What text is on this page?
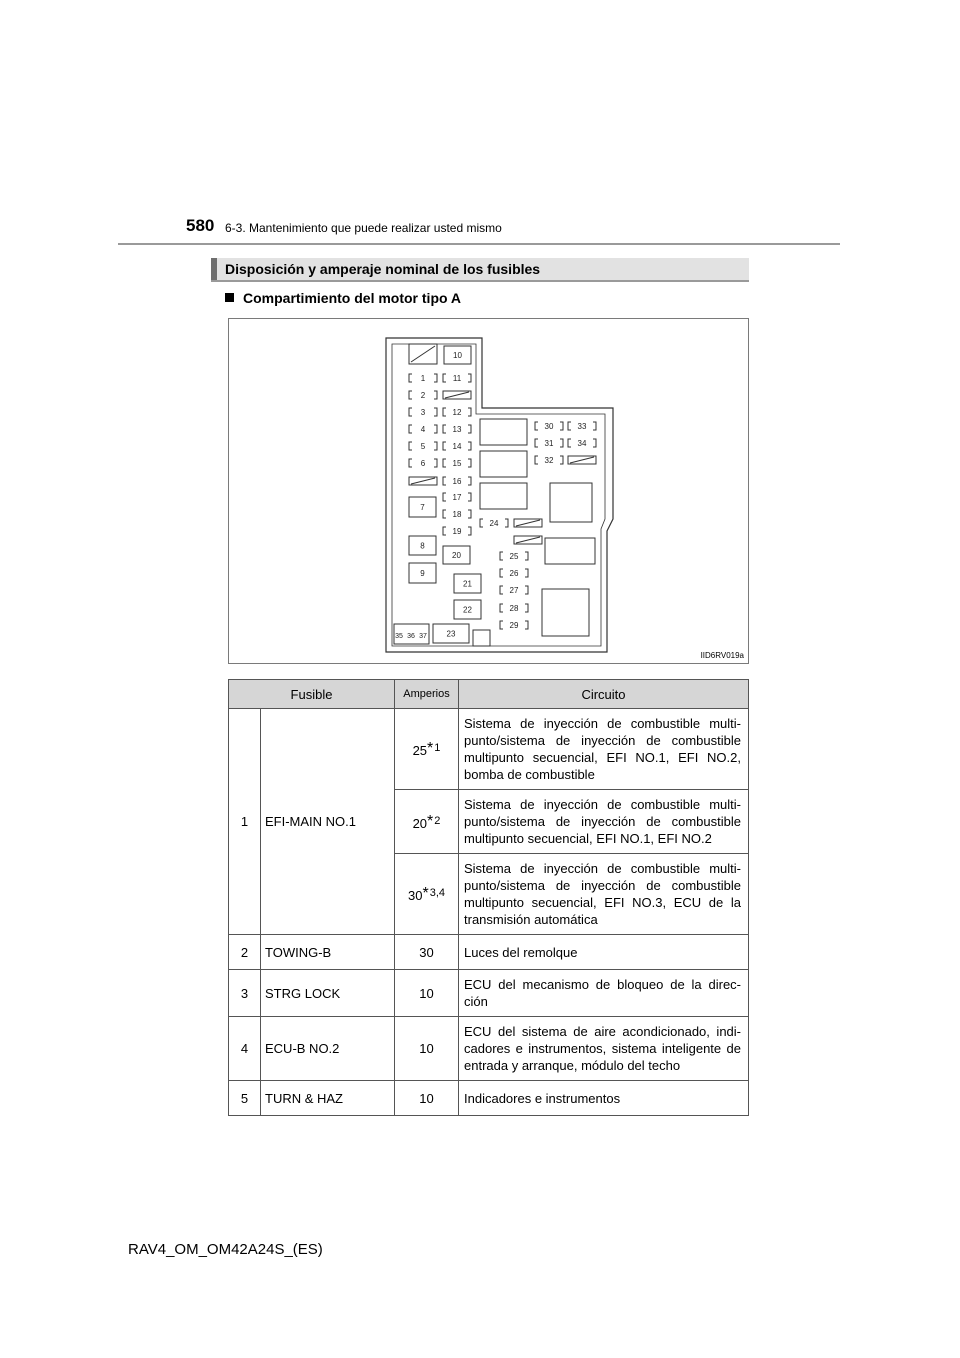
580 6-3. Mantenimiento que puede realizar usted mismo
Disposición y amperaje nominal de los fusibles
Compartimiento del motor tipo A
10
1	11
2
3	12
4	13
5	14
6	15
16
7
17
18
19
24
8
20	25
9	26
21
27
22	28
23
29
35 36 37
30	33
31	34
32
IID6RV019a
Fusible		Amperios	Circuito
1	EFI-MAIN NO.1	25$^{*1}$	Sistema de inyección de combustible multi-punto/sistema de inyección de combustible multipunto secuencial, EFI NO.1, EFI NO.2, bomba de combustible
		20$^{*2}$	Sistema de inyección de combustible multi-punto/sistema de inyección de combustible multipunto secuencial, EFI NO.1, EFI NO.2
		30$^{*3,4}$	Sistema de inyección de combustible multi-punto/sistema de inyección de combustible multipunto secuencial, EFI NO.3, ECU de la transmisión automática
2	TOWING-B	30	Luces del remolque
3	STRG LOCK	10	ECU del mecanismo de bloqueo de la direc-ción
4	ECU-B NO.2	10	ECU del sistema de aire acondicionado, indi-cadores e instrumentos, sistema inteligente de entrada y arranque, módulo del techo
5	TURN & HAZ	10	Indicadores e instrumentos
RAV4_OM_OM42A24S_(ES)
